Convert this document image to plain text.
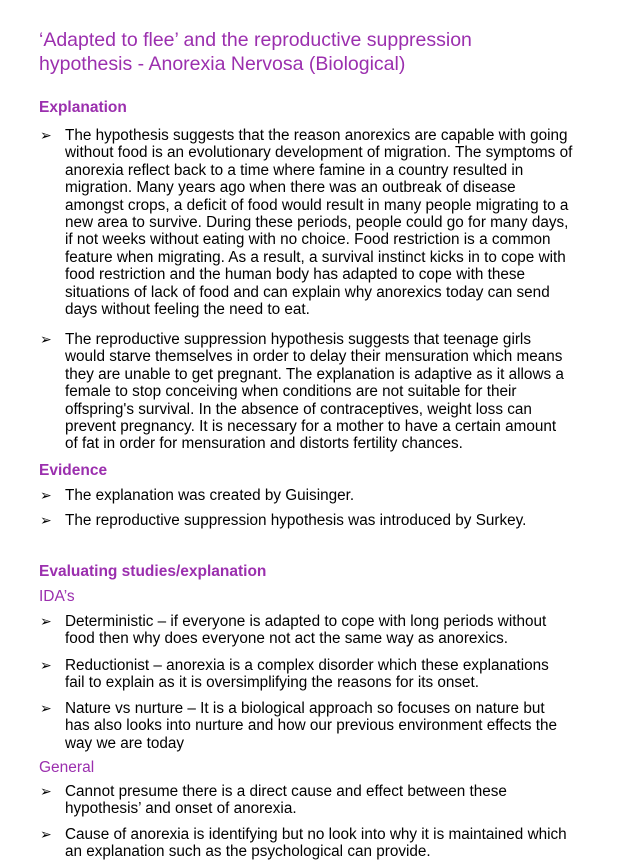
‘Adapted to flee’ and the reproductive suppression
hypothesis - Anorexia Nervosa (Biological)
Explanation
➢ The hypothesis suggests that the reason anorexics are capable with going
without food is an evolutionary development of migration. The symptoms of
anorexia reflect back to a time where famine in a country resulted in
migration. Many years ago when there was an outbreak of disease
amongst crops, a deficit of food would result in many people migrating to a
new area to survive. During these periods, people could go for many days,
if not weeks without eating with no choice. Food restriction is a common
feature when migrating. As a result, a survival instinct kicks in to cope with
food restriction and the human body has adapted to cope with these
situations of lack of food and can explain why anorexics today can send
days without feeling the need to eat.
➢ The reproductive suppression hypothesis suggests that teenage girls
would starve themselves in order to delay their mensuration which means
they are unable to get pregnant. The explanation is adaptive as it allows a
female to stop conceiving when conditions are not suitable for their
offspring's survival. In the absence of contraceptives, weight loss can
prevent pregnancy. It is necessary for a mother to have a certain amount
of fat in order for mensuration and distorts fertility chances.
Evidence
➢ The explanation was created by Guisinger.
➢ The reproductive suppression hypothesis was introduced by Surkey.
Evaluating studies/explanation
IDA’s
➢ Deterministic – if everyone is adapted to cope with long periods without
food then why does everyone not act the same way as anorexics.
➢ Reductionist – anorexia is a complex disorder which these explanations
fail to explain as it is oversimplifying the reasons for its onset.
➢ Nature vs nurture – It is a biological approach so focuses on nature but
has also looks into nurture and how our previous environment effects the
way we are today
General
➢ Cannot presume there is a direct cause and effect between these
hypothesis’ and onset of anorexia.
➢ Cause of anorexia is identifying but no look into why it is maintained which
an explanation such as the psychological can provide.
